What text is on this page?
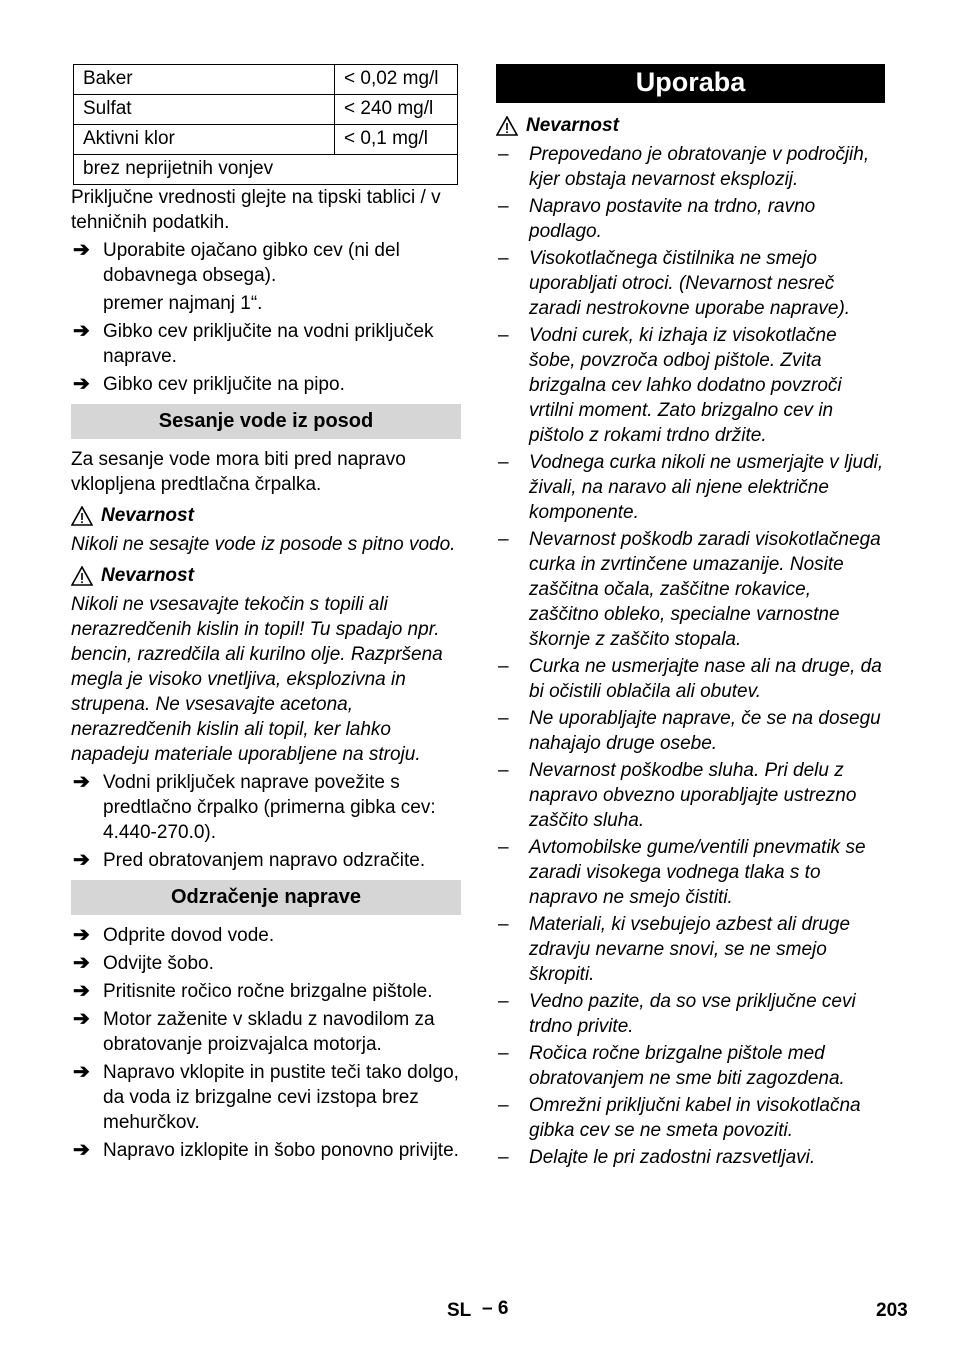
Baker	< 0,02 mg/l
Sulfat	< 240 mg/l
Aktivni klor	< 0,1 mg/l
brez neprijetnih vonjev	

Priključne vrednosti glejte na tipski tablici / v tehničnih podatkih.

➔ Uporabite ojačano gibko cev (ni del dobavnega obsega).
premer najmanj 1“.
➔ Gibko cev priključite na vodni priključek naprave.
➔ Gibko cev priključite na pipo.
Sesanje vode iz posod

Za sesanje vode mora biti pred napravo vklopljena predtlačna črpalka.

Nevarnost

Nikoli ne sesajte vode iz posode s pitno vodo.

Nevarnost

Nikoli ne vsesavajte tekočin s topili ali nerazredčenih kislin in topil! Tu spadajo npr. bencin, razredčila ali kurilno olje. Razpršena megla je visoko vnetljiva, eksplozivna in strupena. Ne vsesavajte acetona, nerazredčenih kislin ali topil, ker lahko napadeju materiale uporabljene na stroju.

➔ Vodni priključek naprave povežite s predtlačno črpalko (primerna gibka cev: 4.440-270.0).
➔ Pred obratovanjem napravo odzračite.
Odzračenje naprave
➔ Odprite dovod vode.
➔ Odvijte šobo.
➔ Pritisnite ročico ročne brizgalne pištole.
➔ Motor zaženite v skladu z navodilom za obratovanje proizvajalca motorja.
➔ Napravo vklopite in pustite teči tako dolgo, da voda iz brizgalne cevi izstopa brez mehurčkov.
➔ Napravo izklopite in šobo ponovno privijte.
Uporaba
Nevarnost
– Prepovedano je obratovanje v področjih, kjer obstaja nevarnost eksplozij.
– Napravo postavite na trdno, ravno podlago.
– Visokotlačnega čistilnika ne smejo uporabljati otroci. (Nevarnost nesreč zaradi nestrokovne uporabe naprave).
– Vodni curek, ki izhaja iz visokotlačne šobe, povzroča odboj pištole. Zvita brizgalna cev lahko dodatno povzroči vrtilni moment. Zato brizgalno cev in pištolo z rokami trdno držite.
– Vodnega curka nikoli ne usmerjajte v ljudi, živali, na naravo ali njene električne komponente.
– Nevarnost poškodb zaradi visokotlačnega curka in zvrtinčene umazanije. Nosite zaščitna očala, zaščitne rokavice, zaščitno obleko, specialne varnostne škornje z zaščito stopala.
– Curka ne usmerjajte nase ali na druge, da bi očistili oblačila ali obutev.
– Ne uporabljajte naprave, če se na dosegu nahajajo druge osebe.
– Nevarnost poškodbe sluha. Pri delu z napravo obvezno uporabljajte ustrezno zaščito sluha.
– Avtomobilske gume/ventili pnevmatik se zaradi visokega vodnega tlaka s to napravo ne smejo čistiti.
– Materiali, ki vsebujejo azbest ali druge zdravju nevarne snovi, se ne smejo škropiti.
– Vedno pazite, da so vse priključne cevi trdno privite.
– Ročica ročne brizgalne pištole med obratovanjem ne sme biti zagozdena.
– Omrežni priključni kabel in visokotlačna gibka cev se ne smeta povoziti.
– Delajte le pri zadostni razsvetljavi.
SL – 6	203
